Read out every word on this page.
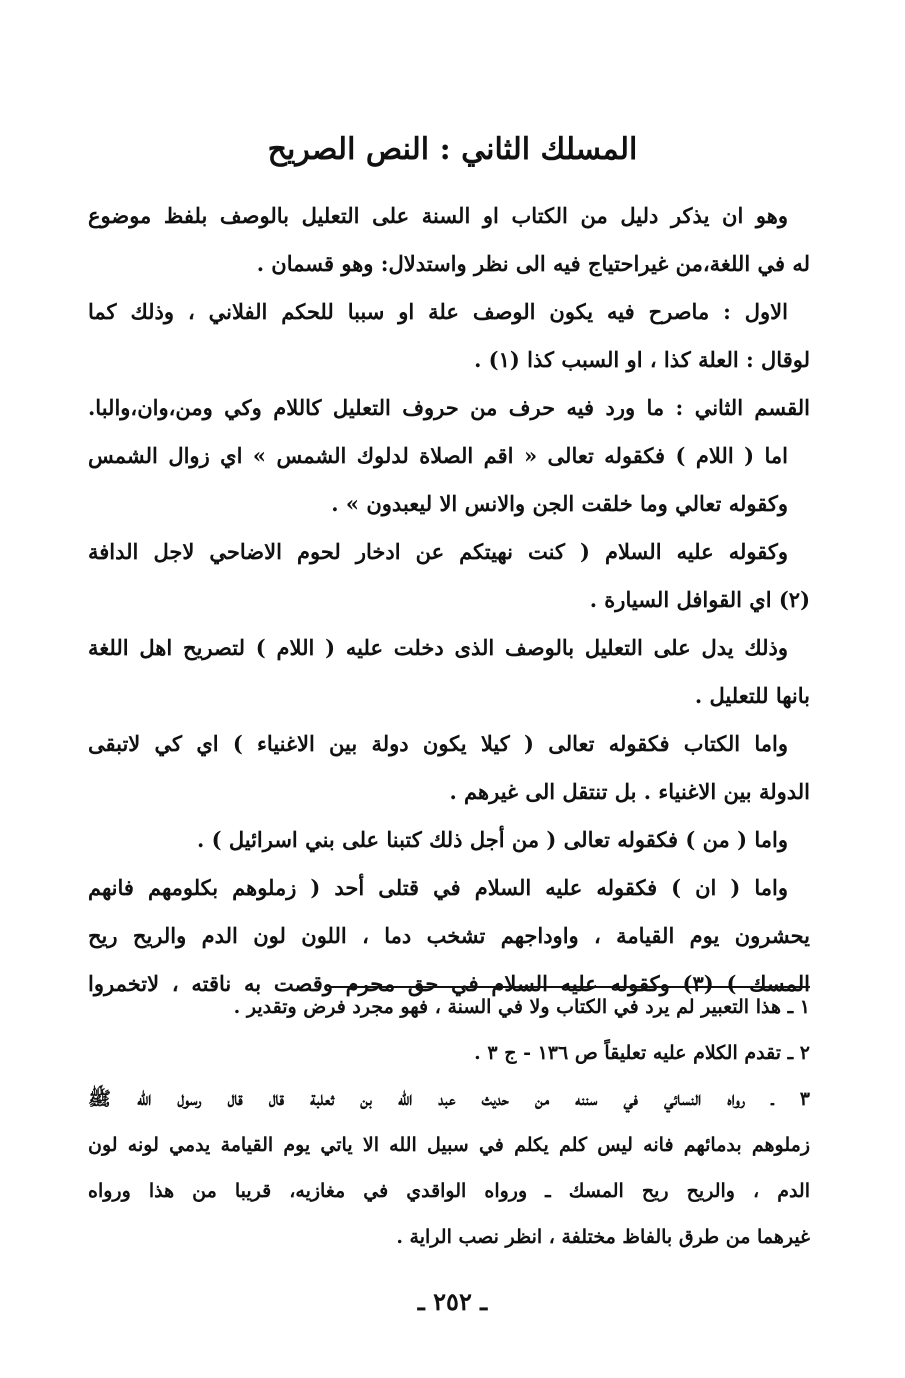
المسلك الثاني : النص الصريح
وهو ان يذكر دليل من الكتاب او السنة على التعليل بالوصف بلفظ موضوع
له في اللغة،من غيراحتياج فيه الى نظر واستدلال: وهو قسمان .
الاول : ماصرح فيه يكون الوصف علة او سببا للحكم الفلاني ، وذلك كما
لوقال : العلة كذا ، او السبب كذا (١) .
القسم الثاني : ما ورد فيه حرف من حروف التعليل كاللام وكي ومن،وان،والبا.
اما ( اللام ) فكقوله تعالى « اقم الصلاة لدلوك الشمس » اي زوال الشمس
وكقوله تعالي وما خلقت الجن والانس الا ليعبدون » .
وكقوله عليه السلام ( كنت نهيتكم عن ادخار لحوم الاضاحي لاجل الدافة
(٢) اي القوافل السيارة .
وذلك يدل على التعليل بالوصف الذى دخلت عليه ( اللام ) لتصريح اهل اللغة
بانها للتعليل .
واما الكتاب فكقوله تعالى ( كيلا يكون دولة بين الاغنياء ) اي كي لاتبقى
الدولة بين الاغنياء . بل تنتقل الى غيرهم .
واما ( من ) فكقوله تعالى ( من أجل ذلك كتبنا على بني اسرائيل ) .
واما ( ان ) فكقوله عليه السلام في قتلى أحد ( زملوهم بكلومهم فانهم
يحشرون يوم القيامة ، واوداجهم تشخب دما ، اللون لون الدم والريح ريح
المسك ) (٣) وكقوله عليه السلام في حق محرم وقصت به ناقته ، لاتخمروا
١ ـ هذا التعبير لم يرد في الكتاب ولا في السنة ، فهو مجرد فرض وتقدير .
٢ ـ تقدم الكلام عليه تعليقاً ص ١٣٦ - ج ٣ .
٣ ـ رواه النسائي في سننه من حديث عبد الله بن ثعلبة قال قال رسول الله ﷺ
زملوهم بدمائهم فانه ليس كلم يكلم في سبيل الله الا ياتي يوم القيامة يدمي لونه لون
الدم ، والريح ريح المسك ـ ورواه الواقدي في مغازيه، قريبا من هذا ورواه
غيرهما من طرق بالفاظ مختلفة ، انظر نصب الراية .
ـ ٢٥٢ ـ
